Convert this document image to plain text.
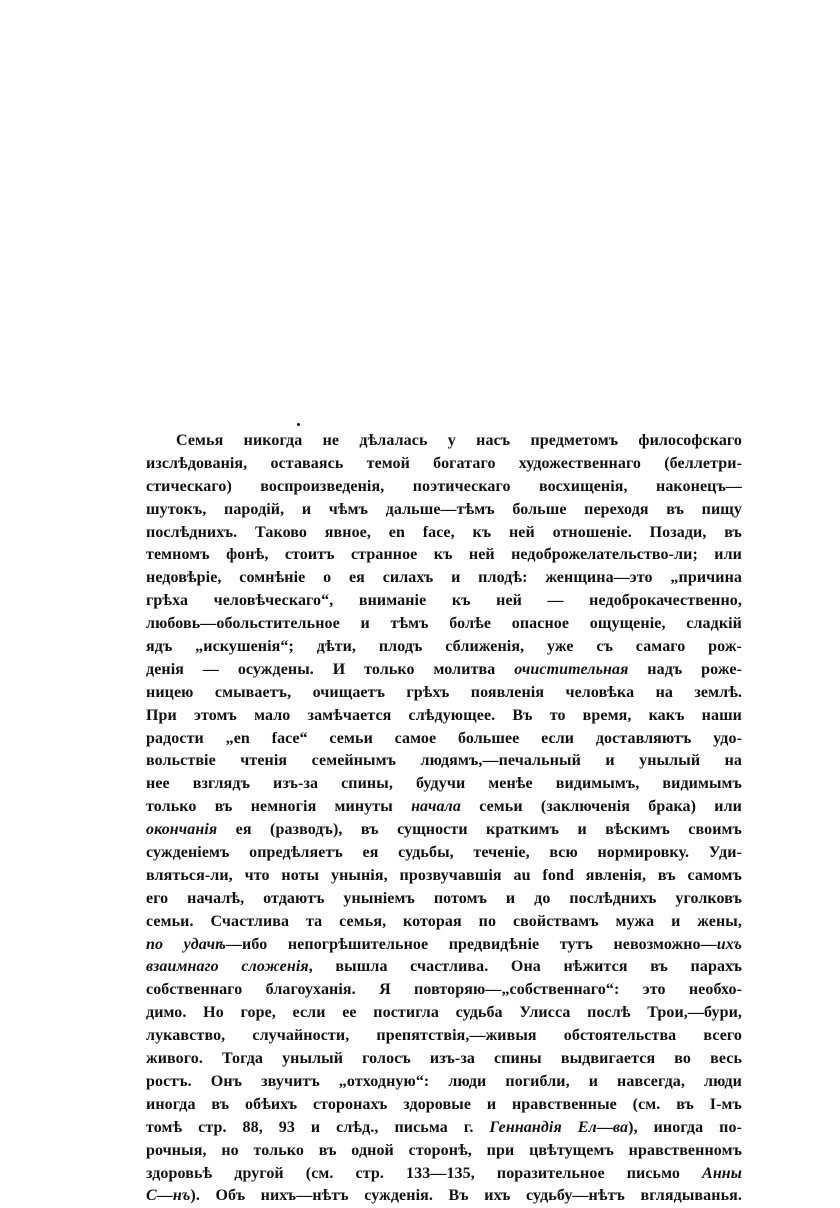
Семья никогда не дѣлалась у насъ предметомъ философскаго
изслѣдованія, оставаясь темой богатаго художественнаго (беллетри-
стическаго) воспроизведенія, поэтическаго восхищенія, наконецъ—
шутокъ, пародій, и чѣмъ дальше—тѣмъ больше переходя въ пищу
послѣднихъ. Таково явное, en face, къ ней отношеніе. Позади, въ
темномъ фонѣ, стоитъ странное къ ней недоброжелательство-ли; или
недовѣріе, сомнѣніе о ея силахъ и плодѣ: женщина—это „причина
грѣха человѣческаго“, вниманіе къ ней — недоброкачественно,
любовь—обольстительное и тѣмъ болѣе опасное ощущеніе, сладкій
ядъ „искушенія“; дѣти, плодъ сближенія, уже съ самаго рож-
денія — осуждены. И только молитва очистительная надъ роже-
ницею смываетъ, очищаетъ грѣхъ появленія человѣка на землѣ.
При этомъ мало замѣчается слѣдующее. Въ то время, какъ наши
радости „en face“ семьи самое большее если доставляютъ удо-
вольствіе чтенія семейнымъ людямъ,—печальный и унылый на
нее взглядъ изъ-за спины, будучи менѣе видимымъ, видимымъ
только въ немногія минуты начала семьи (заключенія брака) или
окончанія ея (разводъ), въ сущности краткимъ и вѣскимъ своимъ
сужденіемъ опредѣляетъ ея судьбы, теченіе, всю нормировку. Уди-
вляться-ли, что ноты унынія, прозвучавшія au fond явленія, въ самомъ
его началѣ, отдаютъ уныніемъ потомъ и до послѣднихъ уголковъ
семьи. Счастлива та семья, которая по свойствамъ мужа и жены,
по удачѣ—ибо непогрѣшительное предвидѣніе тутъ невозможно—ихъ
взаимнаго сложенія, вышла счастлива. Она нѣжится въ парахъ
собственнаго благоуханія. Я повторяю—„собственнаго“: это необхо-
димо. Но горе, если ее постигла судьба Улисса послѣ Трои,—бури,
лукавство, случайности, препятствія,—живыя обстоятельства всего
живого. Тогда унылый голосъ изъ-за спины выдвигается во весь
ростъ. Онъ звучитъ „отходную“: люди погибли, и навсегда, люди
иногда въ обѣихъ сторонахъ здоровые и нравственные (см. въ І-мъ
томѣ стр. 88, 93 и слѣд., письма г. Геннандія Ел—ва), иногда по-
рочныя, но только въ одной сторонѣ, при цвѣтущемъ нравственномъ
здоровьѣ другой (см. стр. 133—135, поразительное письмо Анны
С—нъ). Объ нихъ—нѣтъ сужденія. Въ ихъ судьбу—нѣтъ вглядыванья.
